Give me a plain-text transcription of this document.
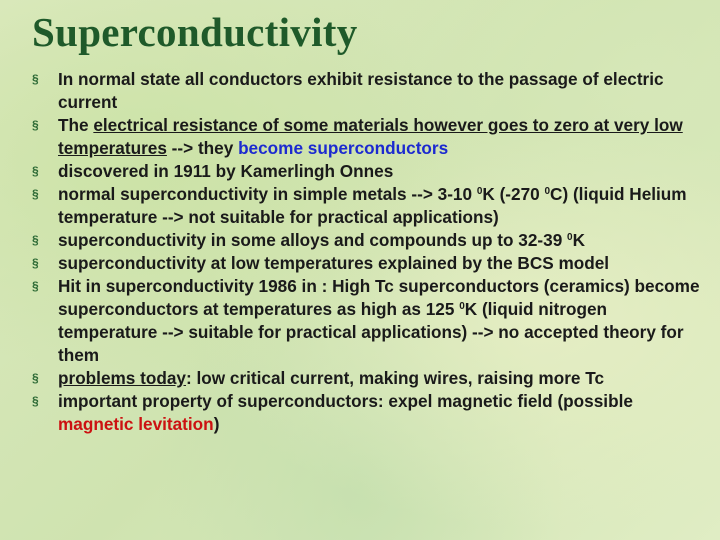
Superconductivity
§ In normal state all conductors exhibit resistance to the passage of electric current
§ The electrical resistance of some materials however goes to zero at very low temperatures --> they become superconductors
§ discovered in 1911 by Kamerlingh Onnes
§ normal superconductivity in simple metals --> 3-10 $^0$K (-270 $^0$C) (liquid Helium temperature --> not suitable for practical applications)
§ superconductivity in some alloys and compounds up to 32-39 $^0$K
§ superconductivity at low temperatures explained by the BCS model
§ Hit in superconductivity 1986 in : High Tc superconductors (ceramics) become superconductors at temperatures as high as 125 $^0$K (liquid nitrogen temperature --> suitable for practical applications) --> no accepted theory for them
§ problems today: low critical current, making wires, raising more Tc
§ important property of superconductors: expel magnetic field (possible magnetic levitation)
